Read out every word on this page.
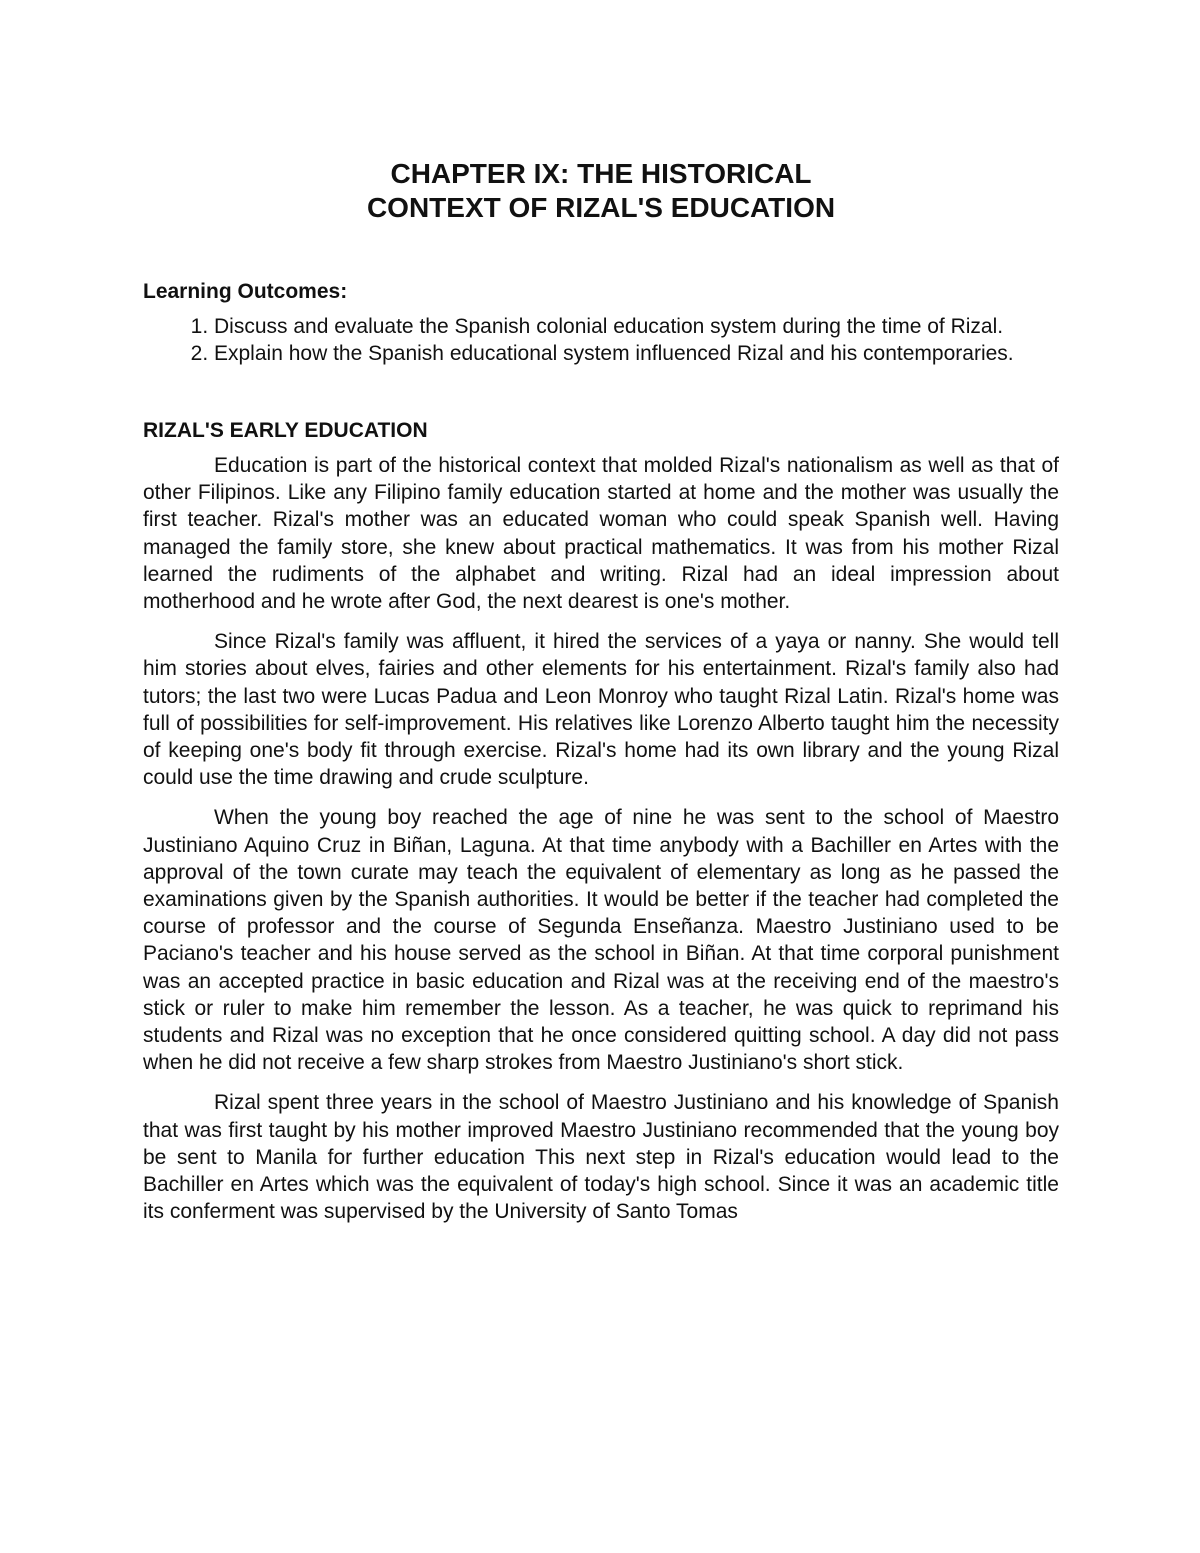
CHAPTER IX: THE HISTORICAL
CONTEXT OF RIZAL'S EDUCATION
Learning Outcomes:
1. Discuss and evaluate the Spanish colonial education system during the time of Rizal.
2. Explain how the Spanish educational system influenced Rizal and his contemporaries.
RIZAL'S EARLY EDUCATION

Education is part of the historical context that molded Rizal's nationalism as well as that of other Filipinos. Like any Filipino family education started at home and the mother was usually the first teacher. Rizal's mother was an educated woman who could speak Spanish well. Having managed the family store, she knew about practical mathematics. It was from his mother Rizal learned the rudiments of the alphabet and writing. Rizal had an ideal impression about motherhood and he wrote after God, the next dearest is one's mother.

Since Rizal's family was affluent, it hired the services of a yaya or nanny. She would tell him stories about elves, fairies and other elements for his entertainment. Rizal's family also had tutors; the last two were Lucas Padua and Leon Monroy who taught Rizal Latin. Rizal's home was full of possibilities for self-improvement. His relatives like Lorenzo Alberto taught him the necessity of keeping one's body fit through exercise. Rizal's home had its own library and the young Rizal could use the time drawing and crude sculpture.

When the young boy reached the age of nine he was sent to the school of Maestro Justiniano Aquino Cruz in Biñan, Laguna. At that time anybody with a Bachiller en Artes with the approval of the town curate may teach the equivalent of elementary as long as he passed the examinations given by the Spanish authorities. It would be better if the teacher had completed the course of professor and the course of Segunda Enseñanza. Maestro Justiniano used to be Paciano's teacher and his house served as the school in Biñan. At that time corporal punishment was an accepted practice in basic education and Rizal was at the receiving end of the maestro's stick or ruler to make him remember the lesson. As a teacher, he was quick to reprimand his students and Rizal was no exception that he once considered quitting school. A day did not pass when he did not receive a few sharp strokes from Maestro Justiniano's short stick.

Rizal spent three years in the school of Maestro Justiniano and his knowledge of Spanish that was first taught by his mother improved Maestro Justiniano recommended that the young boy be sent to Manila for further education This next step in Rizal's education would lead to the Bachiller en Artes which was the equivalent of today's high school. Since it was an academic title its conferment was supervised by the University of Santo Tomas
